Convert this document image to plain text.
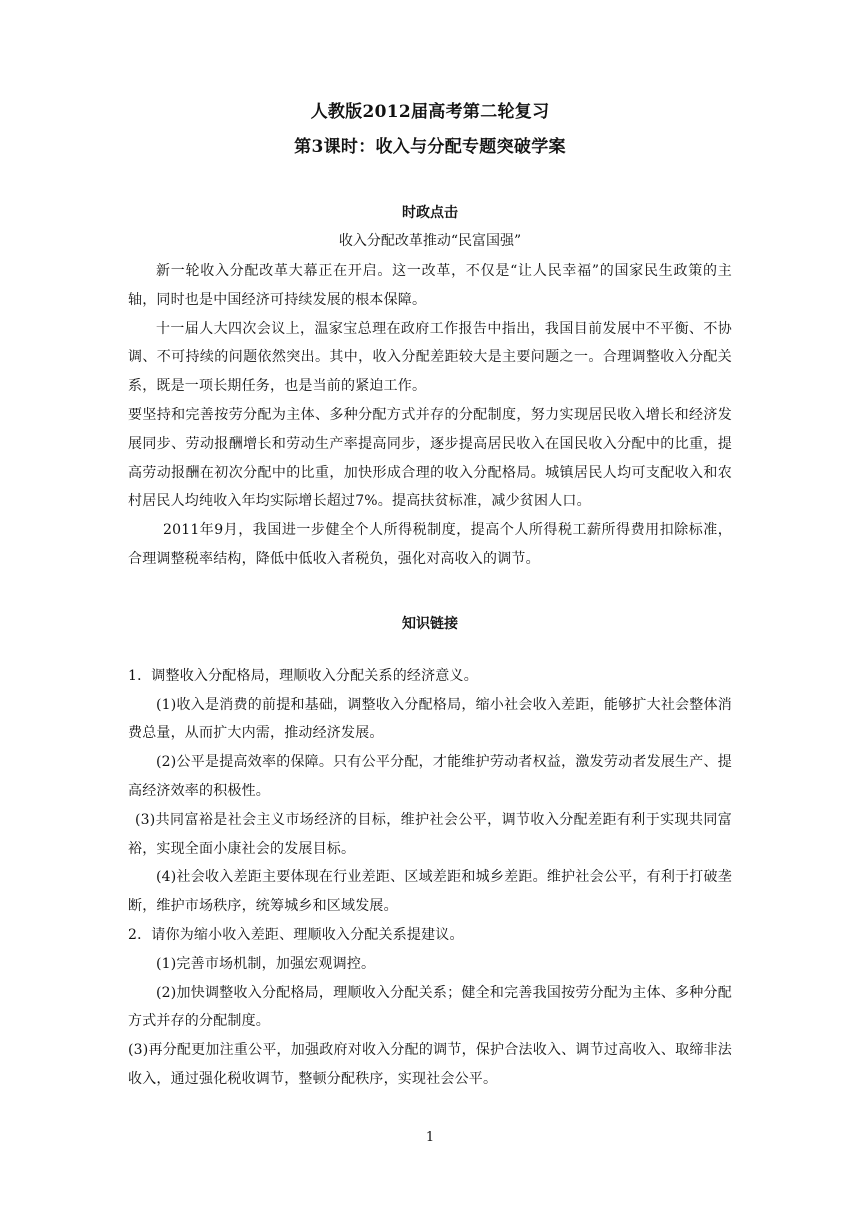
人教版2012届高考第二轮复习
第3课时：收入与分配专题突破学案
时政点击
收入分配改革推动“民富国强”

新一轮收入分配改革大幕正在开启。这一改革，不仅是“让人民幸福”的国家民生政策的主轴，同时也是中国经济可持续发展的根本保障。

十一届人大四次会议上，温家宝总理在政府工作报告中指出，我国目前发展中不平衡、不协调、不可持续的问题依然突出。其中，收入分配差距较大是主要问题之一。合理调整收入分配关系，既是一项长期任务，也是当前的紧迫工作。

要坚持和完善按劳分配为主体、多种分配方式并存的分配制度，努力实现居民收入增长和经济发展同步、劳动报酬增长和劳动生产率提高同步，逐步提高居民收入在国民收入分配中的比重，提高劳动报酬在初次分配中的比重，加快形成合理的收入分配格局。城镇居民人均可支配收入和农村居民人均纯收入年均实际增长超过7%。提高扶贫标准，减少贫困人口。

2011年9月，我国进一步健全个人所得税制度，提高个人所得税工薪所得费用扣除标准，合理调整税率结构，降低中低收入者税负，强化对高收入的调节。

知识链接

1．调整收入分配格局，理顺收入分配关系的经济意义。

(1)收入是消费的前提和基础，调整收入分配格局，缩小社会收入差距，能够扩大社会整体消费总量，从而扩大内需，推动经济发展。

(2)公平是提高效率的保障。只有公平分配，才能维护劳动者权益，激发劳动者发展生产、提高经济效率的积极性。

(3)共同富裕是社会主义市场经济的目标，维护社会公平，调节收入分配差距有利于实现共同富裕，实现全面小康社会的发展目标。

(4)社会收入差距主要体现在行业差距、区域差距和城乡差距。维护社会公平，有利于打破垄断，维护市场秩序，统筹城乡和区域发展。

2．请你为缩小收入差距、理顺收入分配关系提建议。

(1)完善市场机制，加强宏观调控。

(2)加快调整收入分配格局，理顺收入分配关系；健全和完善我国按劳分配为主体、多种分配方式并存的分配制度。

(3)再分配更加注重公平，加强政府对收入分配的调节，保护合法收入、调节过高收入、取缔非法收入，通过强化税收调节，整顿分配秩序，实现社会公平。

1
